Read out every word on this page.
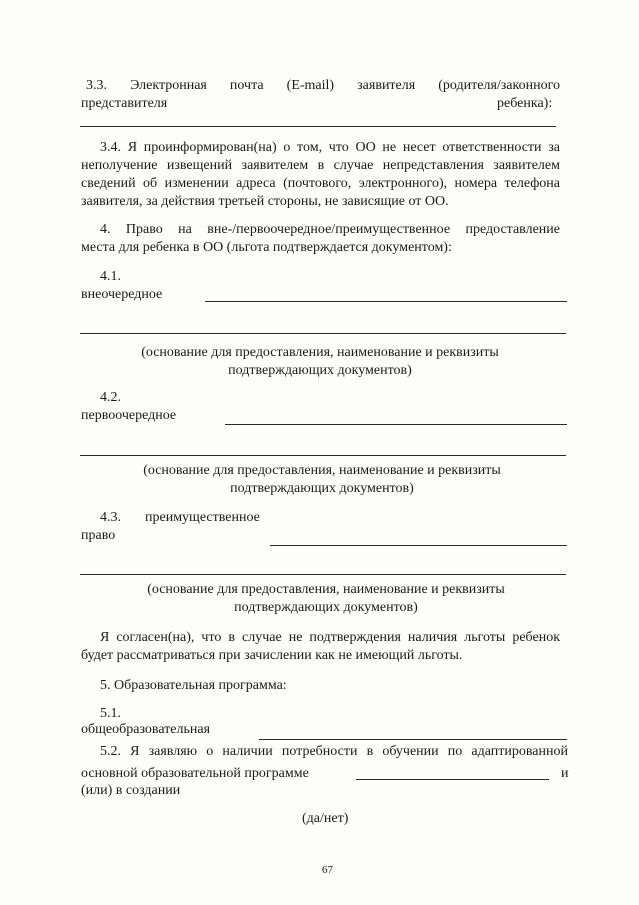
3.3. Электронная почта (E-mail) заявителя (родителя/законного
представителя	ребенка):
3.4. Я проинформирован(на) о том, что ОО не несет ответственности за
неполучение извещений заявителем в случае непредставления заявителем
сведений об изменении адреса (почтового, электронного), номера телефона
заявителя, за действия третьей стороны, не зависящие от ОО.
4. Право на вне-/первоочередное/преимущественное предоставление
места для ребенка в ОО (льгота подтверждается документом):
4.1.
внеочередное
(основание для предоставления, наименование и реквизиты
подтверждающих документов)
4.2.
первоочередное
(основание для предоставления, наименование и реквизиты
подтверждающих документов)
4.3. преимущественное
право
(основание для предоставления, наименование и реквизиты
подтверждающих документов)
Я согласен(на), что в случае не подтверждения наличия льготы ребенок
будет рассматриваться при зачислении как не имеющий льготы.
5. Образовательная программа:
5.1.
общеобразовательная
5.2. Я заявляю о наличии потребности в обучении по адаптированной
основной образовательной программе	и
(или) в создании
(да/нет)
67
